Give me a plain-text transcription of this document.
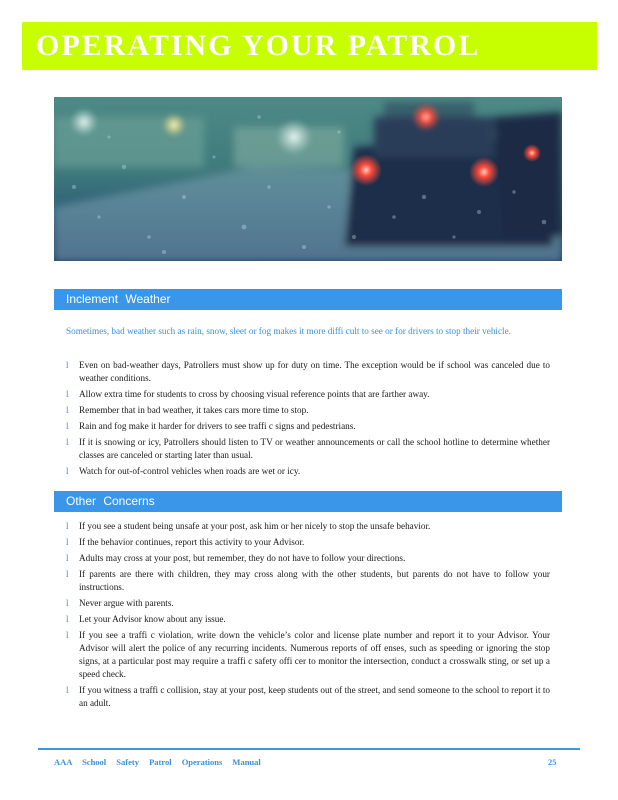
OPERATING YOUR PATROL
Inclement Weather
Sometimes, bad weather such as rain, snow, sleet or fog makes it more diffi cult to see or for drivers to stop their vehicle.
l Even on bad-weather days, Patrollers must show up for duty on time. The exception would be if school was canceled due to weather conditions.
l Allow extra time for students to cross by choosing visual reference points that are farther away.
l Remember that in bad weather, it takes cars more time to stop.
l Rain and fog make it harder for drivers to see traffi c signs and pedestrians.
l If it is snowing or icy, Patrollers should listen to TV or weather announcements or call the school hotline to determine whether classes are canceled or starting later than usual.
l Watch for out-of-control vehicles when roads are wet or icy.
Other Concerns
l If you see a student being unsafe at your post, ask him or her nicely to stop the unsafe behavior.
l If the behavior continues, report this activity to your Advisor.
l Adults may cross at your post, but remember, they do not have to follow your directions.
l If parents are there with children, they may cross along with the other students, but parents do not have to follow your instructions.
l Never argue with parents.
l Let your Advisor know about any issue.
l If you see a traffi c violation, write down the vehicle’s color and license plate number and report it to your Advisor. Your Advisor will alert the police of any recurring incidents. Numerous reports of off enses, such as speeding or ignoring the stop signs, at a particular post may require a traffi c safety offi cer to monitor the intersection, conduct a crosswalk sting, or set up a speed check.
l If you witness a traffi c collision, stay at your post, keep students out of the street, and send someone to the school to report it to an adult.
AAA School Safety Patrol Operations Manual	25
